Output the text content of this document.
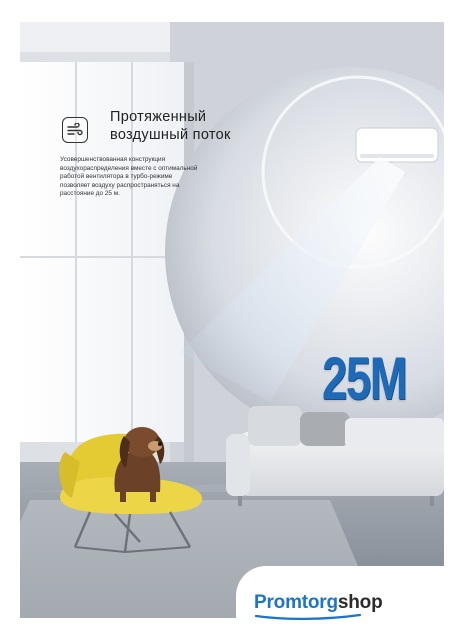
Протяженный
воздушный поток
Усовершенствованная конструкция
воздухораспределения вместе с оптимальной
работой вентилятора в турбо-режиме
позволяет воздуху распространяться на
расстояние до 25 м.
25M
Promtorgshop
